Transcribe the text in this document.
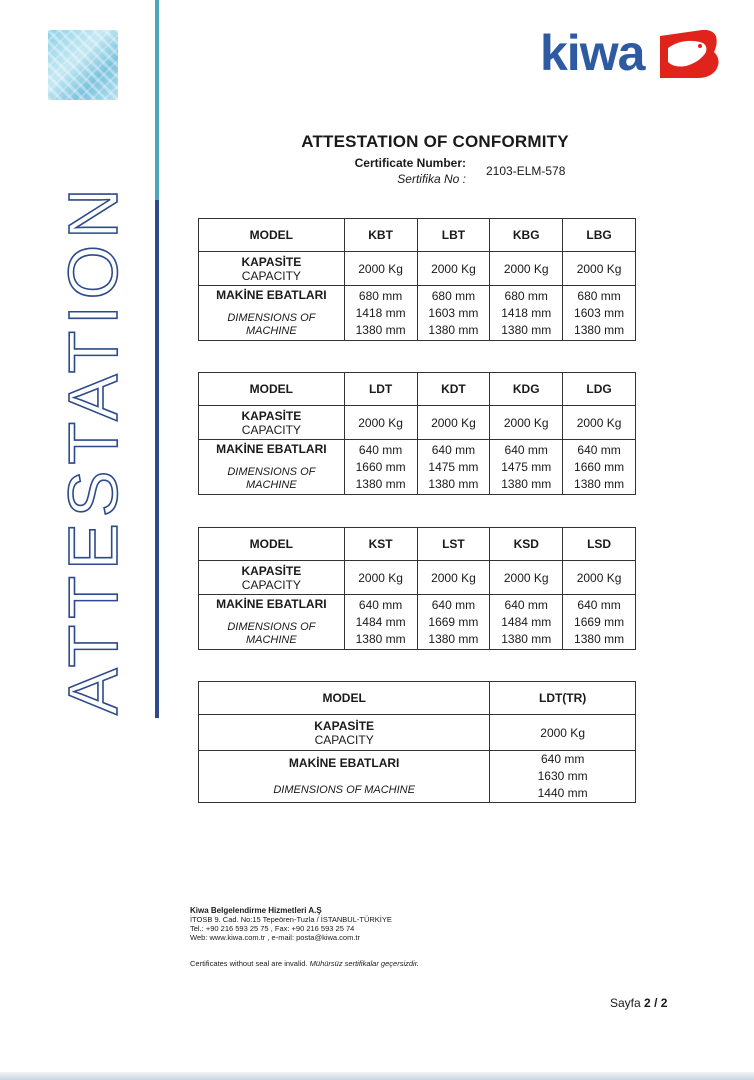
ATTESTATION
kiwa
ATTESTATION OF CONFORMITY
Certificate Number:
Sertifika No :
2103-ELM-578
MODEL	KBT	LBT	KBG	LBG

KAPASİTE
CAPACITY	2000 Kg	2000 Kg	2000 Kg	2000 Kg

MAKİNE EBATLARI
DIMENSIONS OF
MACHINE	680 mm
1418 mm
1380 mm	680 mm
1603 mm
1380 mm	680 mm
1418 mm
1380 mm	680 mm
1603 mm
1380 mm
MODEL	LDT	KDT	KDG	LDG

KAPASİTE
CAPACITY	2000 Kg	2000 Kg	2000 Kg	2000 Kg

MAKİNE EBATLARI
DIMENSIONS OF
MACHINE	640 mm
1660 mm
1380 mm	640 mm
1475 mm
1380 mm	640 mm
1475 mm
1380 mm	640 mm
1660 mm
1380 mm
MODEL	KST	LST	KSD	LSD

KAPASİTE
CAPACITY	2000 Kg	2000 Kg	2000 Kg	2000 Kg

MAKİNE EBATLARI
DIMENSIONS OF
MACHINE	640 mm
1484 mm
1380 mm	640 mm
1669 mm
1380 mm	640 mm
1484 mm
1380 mm	640 mm
1669 mm
1380 mm
MODEL	LDT(TR)

KAPASİTE
CAPACITY	2000 Kg

MAKİNE EBATLARI
DIMENSIONS OF MACHINE	640 mm
1630 mm
1440 mm
Kiwa Belgelendirme Hizmetleri A.Ş
İTOSB 9. Cad. No:15 Tepeören-Tuzla / İSTANBUL-TÜRKİYE
Tel.: +90 216 593 25 75 , Fax: +90 216 593 25 74
Web: www.kiwa.com.tr , e-mail: posta@kiwa.com.tr
Certificates without seal are invalid. Mühürsüz sertifikalar geçersizdir.
Sayfa 2 / 2
